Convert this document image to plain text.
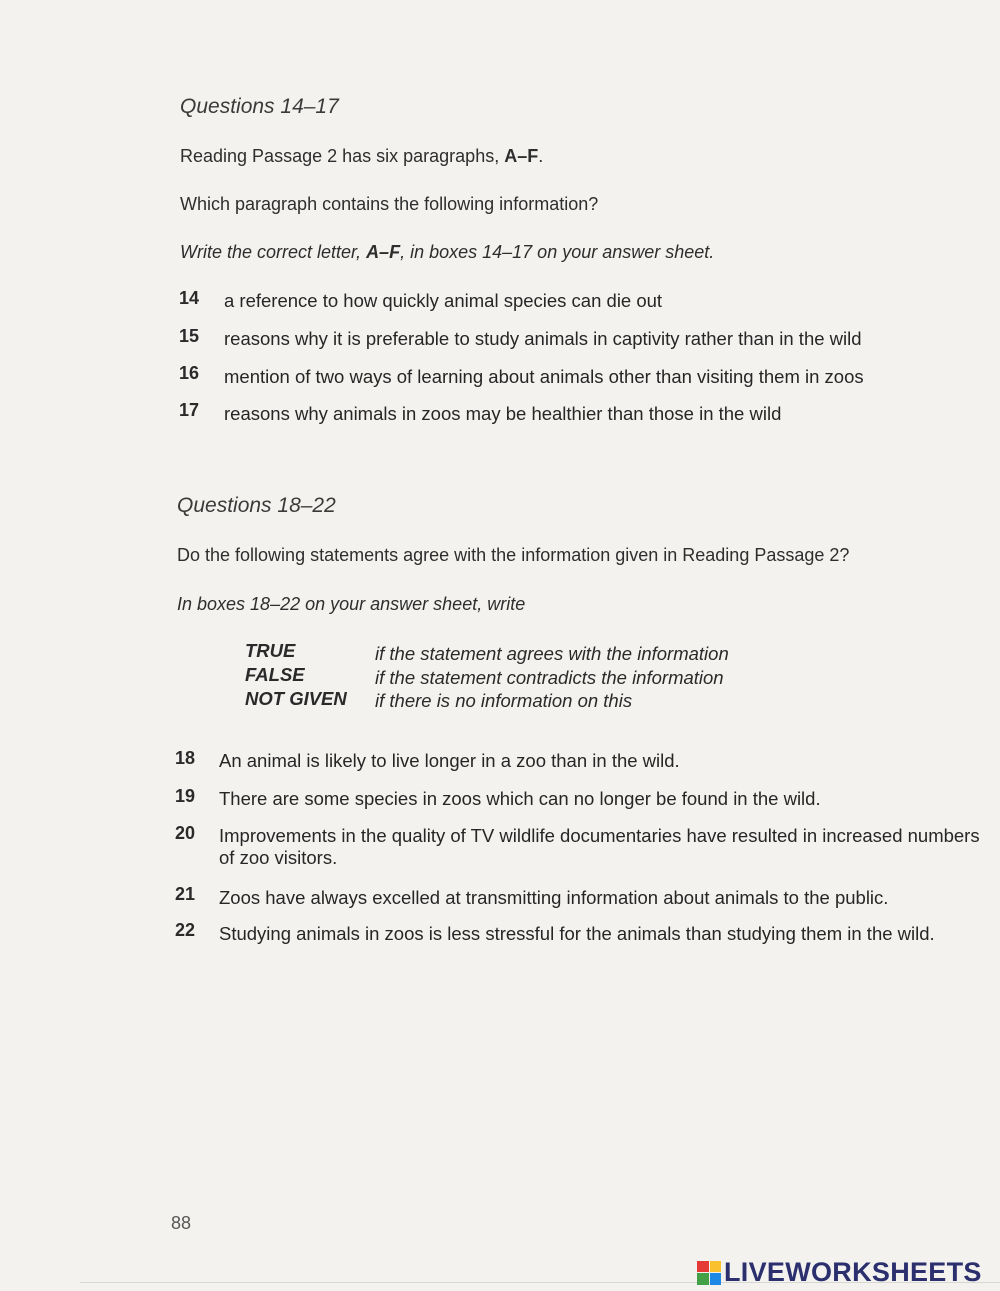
Questions 14–17
Reading Passage 2 has six paragraphs, A–F.
Which paragraph contains the following information?
Write the correct letter, A–F, in boxes 14–17 on your answer sheet.
14 a reference to how quickly animal species can die out
15 reasons why it is preferable to study animals in captivity rather than in the wild
16 mention of two ways of learning about animals other than visiting them in zoos
17 reasons why animals in zoos may be healthier than those in the wild
Questions 18–22
Do the following statements agree with the information given in Reading Passage 2?
In boxes 18–22 on your answer sheet, write
TRUE	if the statement agrees with the information
FALSE	if the statement contradicts the information
NOT GIVEN if there is no information on this
18 An animal is likely to live longer in a zoo than in the wild.
19 There are some species in zoos which can no longer be found in the wild.
20 Improvements in the quality of TV wildlife documentaries have resulted in increased numbers of zoo visitors.
21 Zoos have always excelled at transmitting information about animals to the public.
22 Studying animals in zoos is less stressful for the animals than studying them in the wild.
88
LIVEWORKSHEETS
